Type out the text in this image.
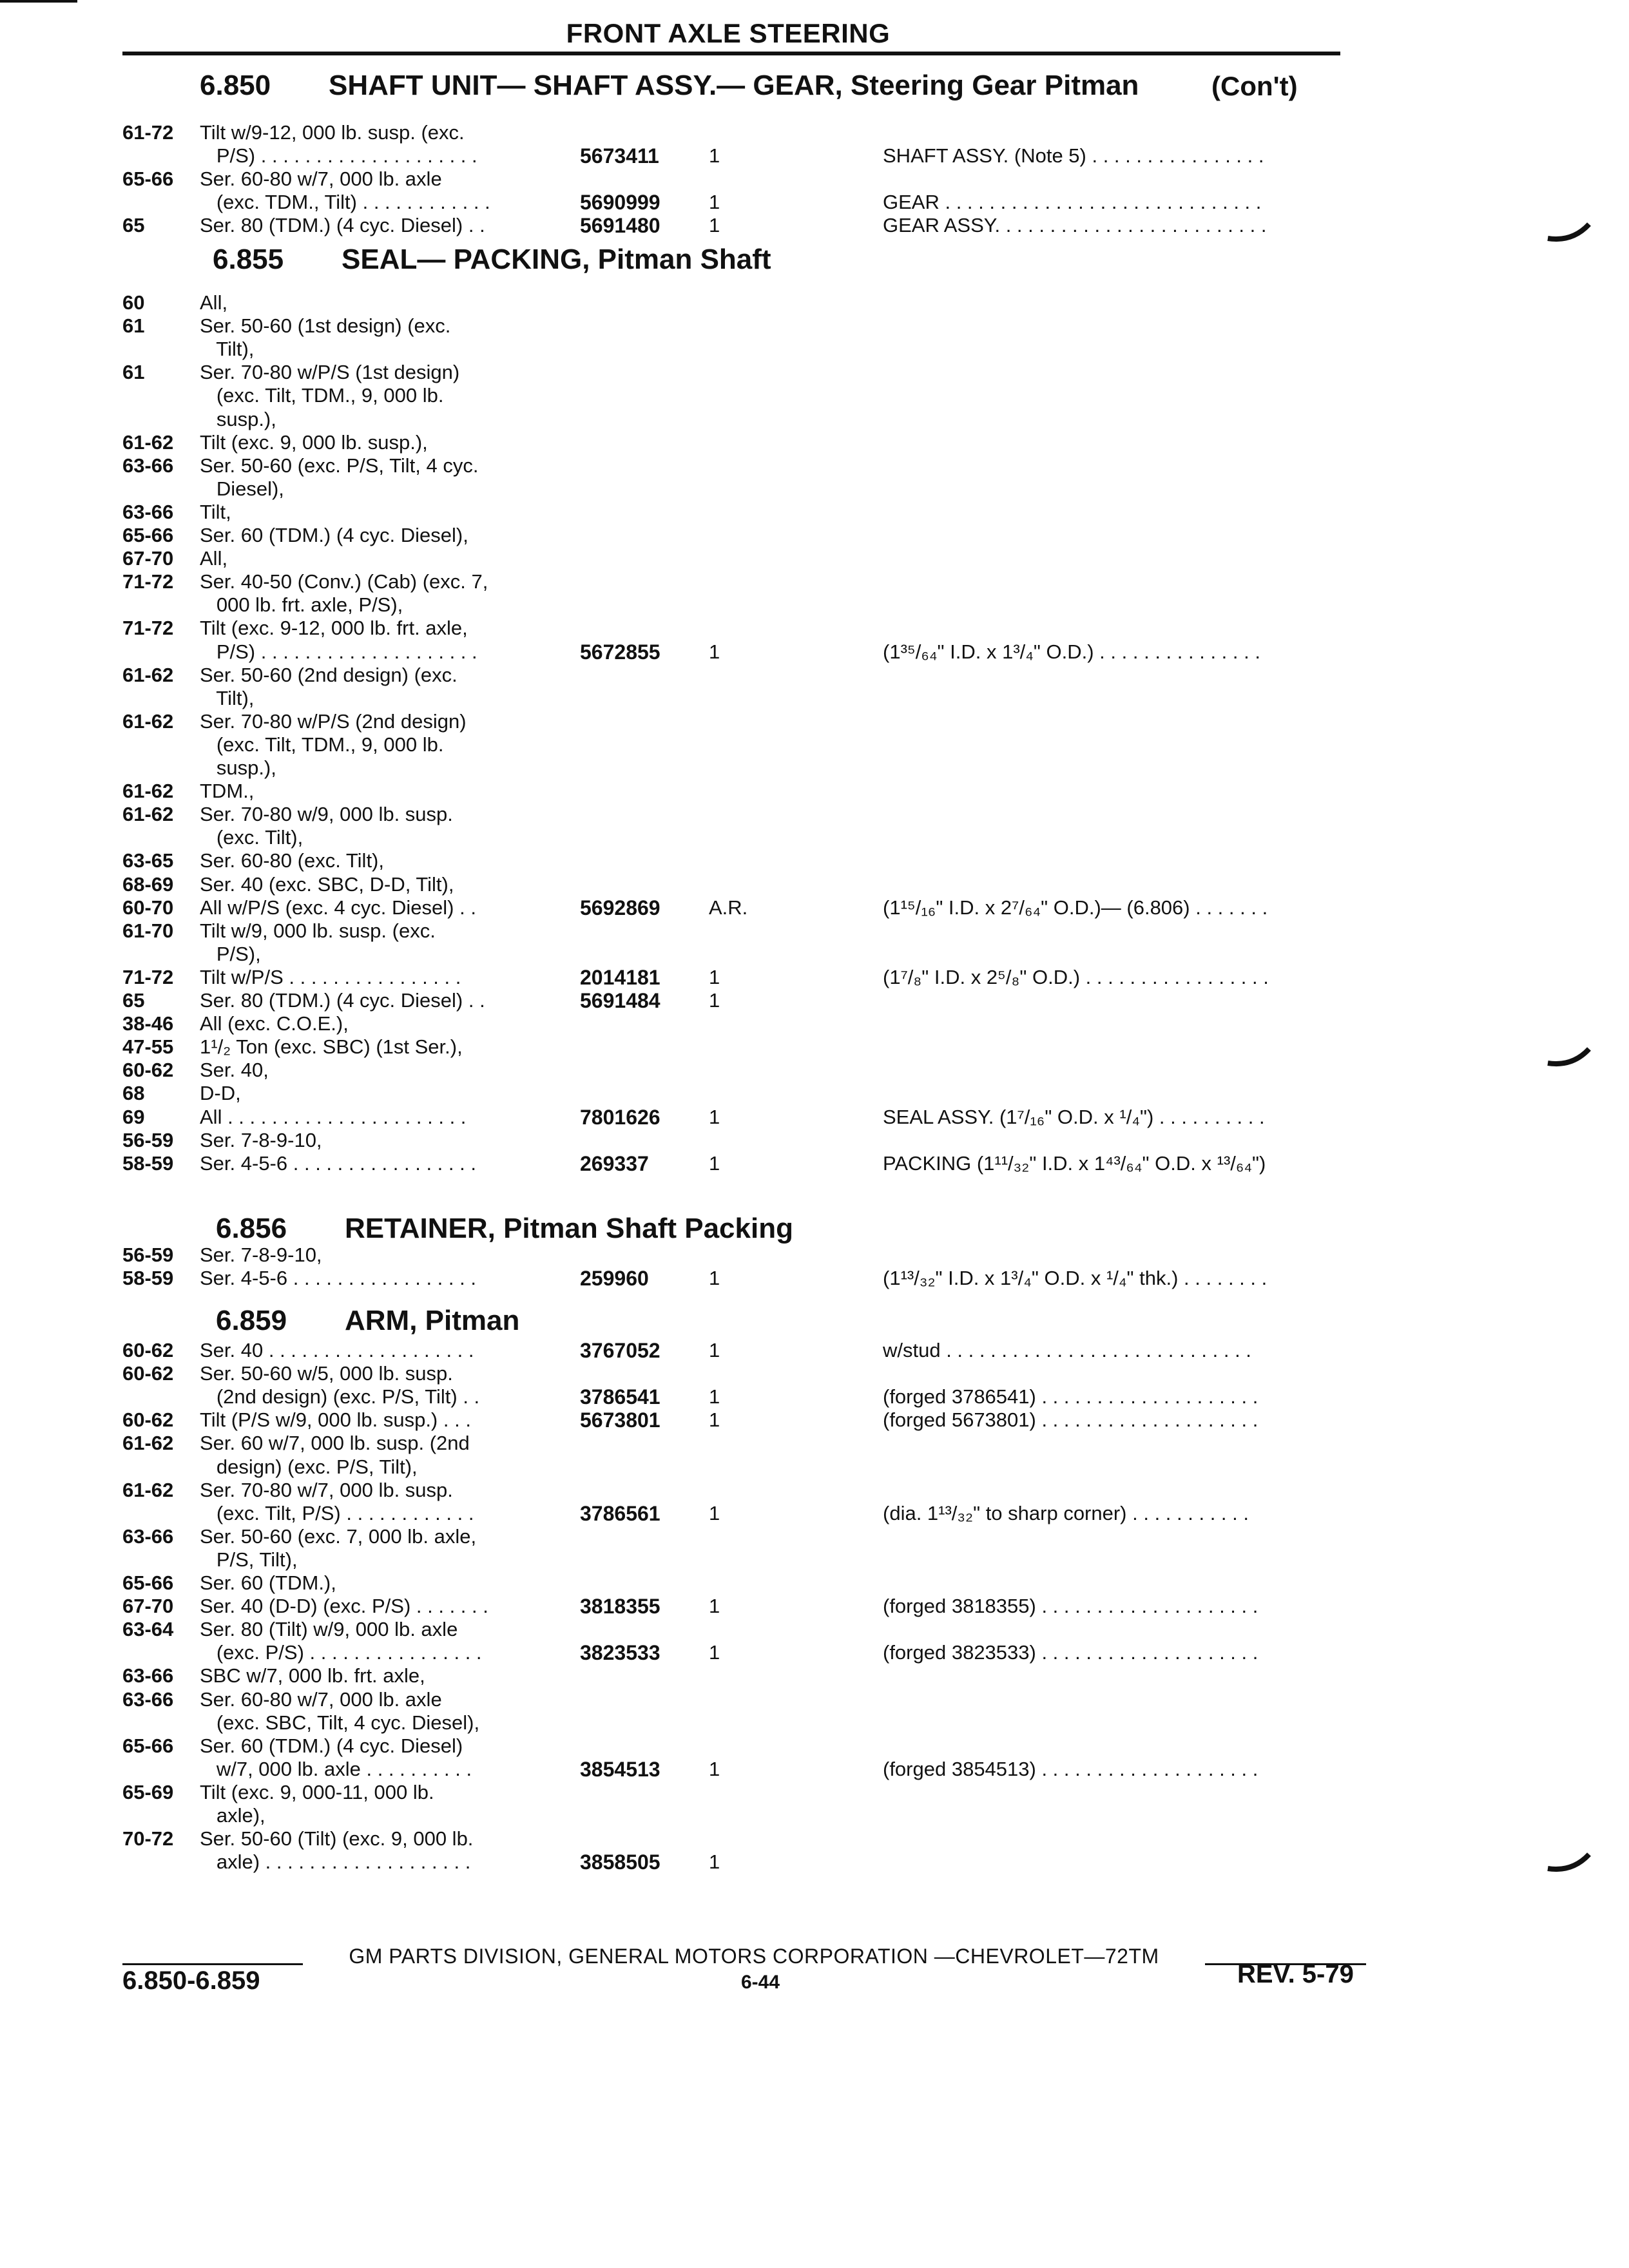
FRONT AXLE STEERING
6.850 SHAFT UNIT— SHAFT ASSY.— GEAR, Steering Gear Pitman	(Con't)
61-72	Tilt w/9-12, 000 lb. susp. (exc.
P/S) . . . . . . . . . . . . . . . . . . . .	5673411	1	SHAFT ASSY. (Note 5) . . . . . . . . . . . . . . . .
65-66	Ser. 60-80 w/7, 000 lb. axle
(exc. TDM., Tilt) . . . . . . . . . . . .	5690999	1	GEAR . . . . . . . . . . . . . . . . . . . . . . . . . . . . .
65	Ser. 80 (TDM.) (4 cyc. Diesel) . .	5691480	1	GEAR ASSY. . . . . . . . . . . . . . . . . . . . . . . . .
6.855 SEAL— PACKING, Pitman Shaft
60	All,
61	Ser. 50-60 (1st design) (exc.
Tilt),
61	Ser. 70-80 w/P/S (1st design)
(exc. Tilt, TDM., 9, 000 lb.
susp.),
61-62	Tilt (exc. 9, 000 lb. susp.),
63-66	Ser. 50-60 (exc. P/S, Tilt, 4 cyc.
Diesel),
63-66	Tilt,
65-66	Ser. 60 (TDM.) (4 cyc. Diesel),
67-70	All,
71-72	Ser. 40-50 (Conv.) (Cab) (exc. 7,
000 lb. frt. axle, P/S),
71-72	Tilt (exc. 9-12, 000 lb. frt. axle,
P/S) . . . . . . . . . . . . . . . . . . . .	5672855	1	(1³⁵/₆₄" I.D. x 1³/₄" O.D.) . . . . . . . . . . . . . . .
61-62	Ser. 50-60 (2nd design) (exc.
Tilt),
61-62	Ser. 70-80 w/P/S (2nd design)
(exc. Tilt, TDM., 9, 000 lb.
susp.),
61-62	TDM.,
61-62	Ser. 70-80 w/9, 000 lb. susp.
(exc. Tilt),
63-65	Ser. 60-80 (exc. Tilt),
68-69	Ser. 40 (exc. SBC, D-D, Tilt),
60-70	All w/P/S (exc. 4 cyc. Diesel) . .	5692869	A.R.	(1¹⁵/₁₆" I.D. x 2⁷/₆₄" O.D.)— (6.806) . . . . . . .
61-70	Tilt w/9, 000 lb. susp. (exc.
P/S),
71-72	Tilt w/P/S . . . . . . . . . . . . . . . .	2014181	1	(1⁷/₈" I.D. x 2⁵/₈" O.D.) . . . . . . . . . . . . . . . . .
65	Ser. 80 (TDM.) (4 cyc. Diesel) . .	5691484	1
38-46	All (exc. C.O.E.),
47-55	1¹/₂ Ton (exc. SBC) (1st Ser.),
60-62	Ser. 40,
68	D-D,
69	All . . . . . . . . . . . . . . . . . . . . . .	7801626	1	SEAL ASSY. (1⁷/₁₆" O.D. x ¹/₄") . . . . . . . . . .
56-59	Ser. 7-8-9-10,
58-59	Ser. 4-5-6 . . . . . . . . . . . . . . . . .	269337	1	PACKING (1¹¹/₃₂" I.D. x 1⁴³/₆₄" O.D. x ¹³/₆₄")
6.856 RETAINER, Pitman Shaft Packing
56-59	Ser. 7-8-9-10,
58-59	Ser. 4-5-6 . . . . . . . . . . . . . . . . .	259960	1	(1¹³/₃₂" I.D. x 1³/₄" O.D. x ¹/₄" thk.) . . . . . . . .
6.859 ARM, Pitman
60-62	Ser. 40 . . . . . . . . . . . . . . . . . . .	3767052	1	w/stud . . . . . . . . . . . . . . . . . . . . . . . . . . . .
60-62	Ser. 50-60 w/5, 000 lb. susp.
(2nd design) (exc. P/S, Tilt) . .	3786541	1	(forged 3786541) . . . . . . . . . . . . . . . . . . . .
60-62	Tilt (P/S w/9, 000 lb. susp.) . . .	5673801	1	(forged 5673801) . . . . . . . . . . . . . . . . . . . .
61-62	Ser. 60 w/7, 000 lb. susp. (2nd
design) (exc. P/S, Tilt),
61-62	Ser. 70-80 w/7, 000 lb. susp.
(exc. Tilt, P/S) . . . . . . . . . . . .	3786561	1	(dia. 1¹³/₃₂" to sharp corner) . . . . . . . . . . .
63-66	Ser. 50-60 (exc. 7, 000 lb. axle,
P/S, Tilt),
65-66	Ser. 60 (TDM.),
67-70	Ser. 40 (D-D) (exc. P/S) . . . . . . .	3818355	1	(forged 3818355) . . . . . . . . . . . . . . . . . . . .
63-64	Ser. 80 (Tilt) w/9, 000 lb. axle
(exc. P/S) . . . . . . . . . . . . . . . .	3823533	1	(forged 3823533) . . . . . . . . . . . . . . . . . . . .
63-66	SBC w/7, 000 lb. frt. axle,
63-66	Ser. 60-80 w/7, 000 lb. axle
(exc. SBC, Tilt, 4 cyc. Diesel),
65-66	Ser. 60 (TDM.) (4 cyc. Diesel)
w/7, 000 lb. axle . . . . . . . . . .	3854513	1	(forged 3854513) . . . . . . . . . . . . . . . . . . . .
65-69	Tilt (exc. 9, 000-11, 000 lb.
axle),
70-72	Ser. 50-60 (Tilt) (exc. 9, 000 lb.
axle) . . . . . . . . . . . . . . . . . . .	3858505	1
GM PARTS DIVISION, GENERAL MOTORS CORPORATION —CHEVROLET—72TM
6.850-6.859	6-44	REV. 5-79
